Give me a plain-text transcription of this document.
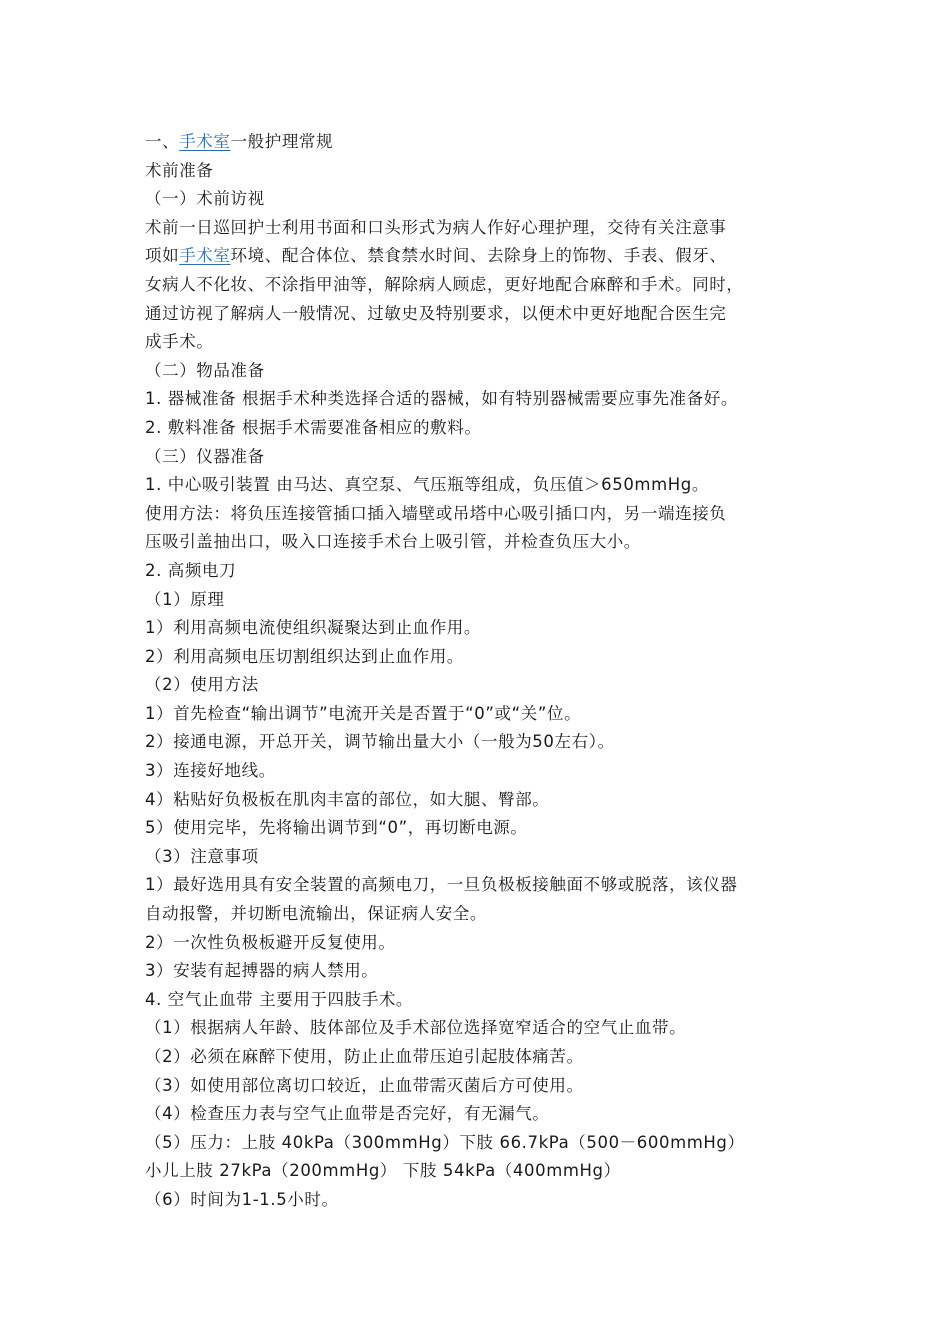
一、手术室一般护理常规
术前准备
（一）术前访视
术前一日巡回护士利用书面和口头形式为病人作好心理护理，交待有关注意事
项如手术室环境、配合体位、禁食禁水时间、去除身上的饰物、手表、假牙、
女病人不化妆、不涂指甲油等，解除病人顾虑，更好地配合麻醉和手术。同时，
通过访视了解病人一般情况、过敏史及特别要求，以便术中更好地配合医生完
成手术。
（二）物品准备
1. 器械准备 根据手术种类选择合适的器械，如有特别器械需要应事先准备好。
2. 敷料准备 根据手术需要准备相应的敷料。
（三）仪器准备
1. 中心吸引装置 由马达、真空泵、气压瓶等组成，负压值＞650mmHg。
使用方法：将负压连接管插口插入墙壁或吊塔中心吸引插口内，另一端连接负
压吸引盖抽出口，吸入口连接手术台上吸引管，并检查负压大小。
2. 高频电刀
（1）原理
1）利用高频电流使组织凝聚达到止血作用。
2）利用高频电压切割组织达到止血作用。
（2）使用方法
1）首先检查“输出调节”电流开关是否置于“0”或“关”位。
2）接通电源，开总开关，调节输出量大小（一般为50左右）。
3）连接好地线。
4）粘贴好负极板在肌肉丰富的部位，如大腿、臀部。
5）使用完毕，先将输出调节到“0”，再切断电源。
（3）注意事项
1）最好选用具有安全装置的高频电刀，一旦负极板接触面不够或脱落，该仪器
自动报警，并切断电流输出，保证病人安全。
2）一次性负极板避开反复使用。
3）安装有起搏器的病人禁用。
4. 空气止血带 主要用于四肢手术。
（1）根据病人年龄、肢体部位及手术部位选择宽窄适合的空气止血带。
（2）必须在麻醉下使用，防止止血带压迫引起肢体痛苦。
（3）如使用部位离切口较近，止血带需灭菌后方可使用。
（4）检查压力表与空气止血带是否完好，有无漏气。
（5）压力：上肢 40kPa（300mmHg）下肢 66.7kPa（500－600mmHg）
小儿上肢 27kPa（200mmHg） 下肢 54kPa（400mmHg）
（6）时间为1-1.5小时。
